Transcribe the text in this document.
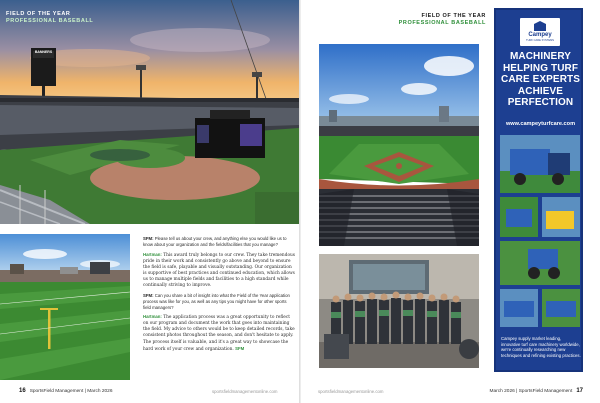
BANNERS
FIELD OF THE YEAR
PROFESSIONAL BASEBALL

SFM: Please tell us about your crew, and anything else you would like us to know about your organization and the fields/facilities that you manage?

Hartman: This award truly belongs to our crew. They take tremendous pride in their work and consistently go above and beyond to ensure the field is safe, playable and visually outstanding. Our organization is supportive of best practices and continued education, which allows us to manage multiple fields and facilities to a high standard while continually striving to improve.

SFM: Can you share a bit of insight into what the Field of the Year application process was like for you, as well as any tips you might have for other sports field managers?

Hartman: The application process was a great opportunity to reflect on our program and document the work that goes into maintaining the field. My advice to others would be to keep detailed records, take consistent photos throughout the season, and don't hesitate to apply. The process itself is valuable, and it's a great way to showcase the hard work of your crew and organization. SFM

16 SportsField Management | March 2026	sportsfieldmanagementonline.com
FIELD OF THE YEAR
PROFESSIONAL BASEBALL
Campey
TURF CARE SYSTEMS
MACHINERY HELPING TURF CARE EXPERTS ACHIEVE PERFECTION
www.campeyturfcare.com
Campey supply market leading, innovative turf care machinery worldwide, we're continually researching new techniques and refining existing practices.
sportsfieldmanagementonline.com	March 2026 | SportsField Management 17
